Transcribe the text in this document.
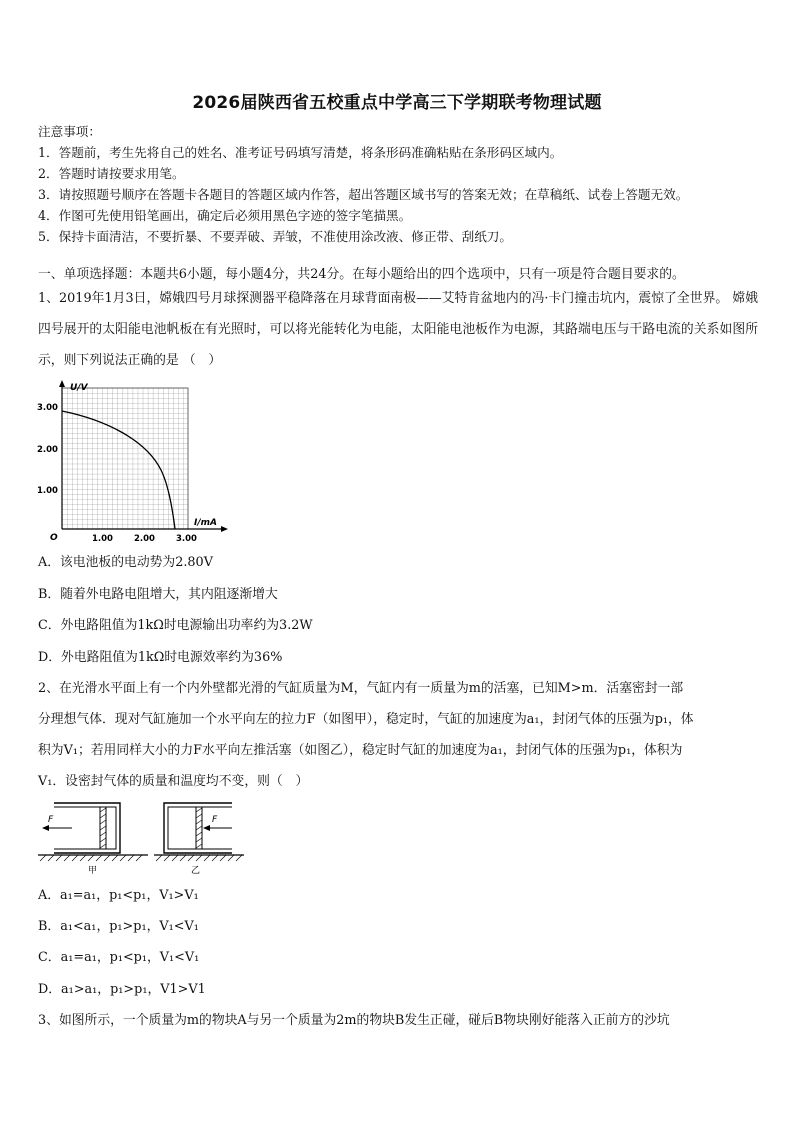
2026届陕西省五校重点中学高三下学期联考物理试题
注意事项：
1．答题前，考生先将自己的姓名、准考证号码填写清楚，将条形码准确粘贴在条形码区域内。
2．答题时请按要求用笔。
3．请按照题号顺序在答题卡各题目的答题区域内作答，超出答题区域书写的答案无效；在草稿纸、试卷上答题无效。
4．作图可先使用铅笔画出，确定后必须用黑色字迹的签字笔描黑。
5．保持卡面清洁，不要折暴、不要弄破、弄皱，不准使用涂改液、修正带、刮纸刀。
一、单项选择题：本题共6小题，每小题4分，共24分。在每小题给出的四个选项中，只有一项是符合题目要求的。
1、2019年1月3日，嫦娥四号月球探测器平稳降落在月球背面南极——艾特肯盆地内的冯·卡门撞击坑内，震惊了全世界。 嫦娥四号展开的太阳能电池帆板在有光照时，可以将光能转化为电能，太阳能电池板作为电源，其路端电压与干路电流的关系如图所示，则下列说法正确的是 （　）
U/V
I/mA
O
3.00
2.00
1.00
1.00 2.00 3.00
A．该电池板的电动势为2.80V
B．随着外电路电阻增大，其内阻逐渐增大
C．外电路阻值为1kΩ时电源输出功率约为3.2W
D．外电路阻值为1kΩ时电源效率约为36%
2、在光滑水平面上有一个内外壁都光滑的气缸质量为M，气缸内有一质量为m的活塞，已知M>m．活塞密封一部
分理想气体．现对气缸施加一个水平向左的拉力F（如图甲），稳定时，气缸的加速度为a₁，封闭气体的压强为p₁，体
积为V₁；若用同样大小的力F水平向左推活塞（如图乙），稳定时气缸的加速度为a₁，封闭气体的压强为p₁，体积为
V₁．设密封气体的质量和温度均不变，则（　）
F
甲
F
乙
A．a₁=a₁，p₁<p₁，V₁>V₁
B．a₁<a₁，p₁>p₁，V₁<V₁
C．a₁=a₁，p₁<p₁，V₁<V₁
D．a₁>a₁，p₁>p₁，V1>V1
3、如图所示，一个质量为m的物块A与另一个质量为2m的物块B发生正碰，碰后B物块刚好能落入正前方的沙坑
